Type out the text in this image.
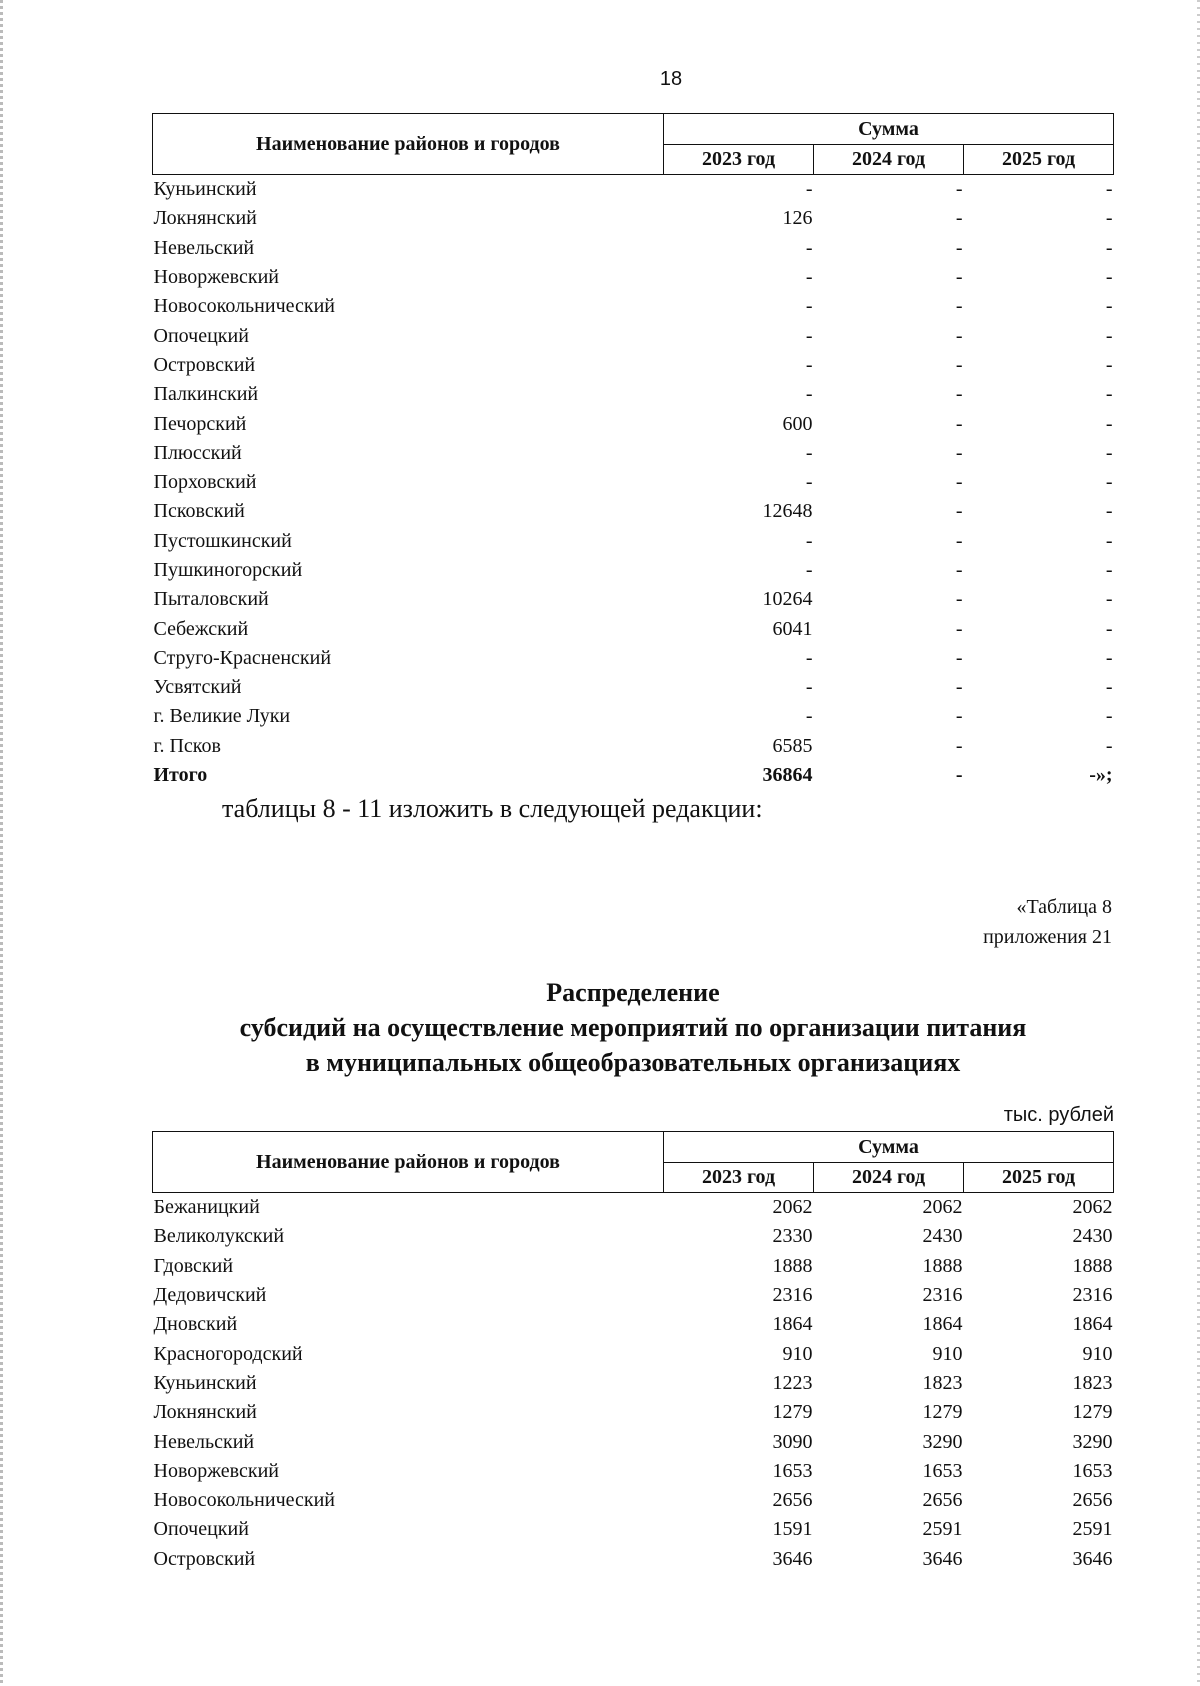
18
Наименование районов и городов	Сумма		
	2023 год	2024 год	2025 год
Куньинский	-	-	-
Локнянский	126	-	-
Невельский	-	-	-
Новоржевский	-	-	-
Новосокольнический	-	-	-
Опочецкий	-	-	-
Островский	-	-	-
Палкинский	-	-	-
Печорский	600	-	-
Плюсский	-	-	-
Порховский	-	-	-
Псковский	12648	-	-
Пустошкинский	-	-	-
Пушкиногорский	-	-	-
Пыталовский	10264	-	-
Себежский	6041	-	-
Струго-Красненский	-	-	-
Усвятский	-	-	-
г. Великие Луки	-	-	-
г. Псков	6585	-	-
Итого	36864	-	-»;
таблицы 8 - 11 изложить в следующей редакции:
«Таблица 8
приложения 21
Распределение
субсидий на осуществление мероприятий по организации питания
в муниципальных общеобразовательных организациях
тыс. рублей
Наименование районов и городов	Сумма		
	2023 год	2024 год	2025 год
Бежаницкий	2062	2062	2062
Великолукский	2330	2430	2430
Гдовский	1888	1888	1888
Дедовичский	2316	2316	2316
Дновский	1864	1864	1864
Красногородский	910	910	910
Куньинский	1223	1823	1823
Локнянский	1279	1279	1279
Невельский	3090	3290	3290
Новоржевский	1653	1653	1653
Новосокольнический	2656	2656	2656
Опочецкий	1591	2591	2591
Островский	3646	3646	3646
